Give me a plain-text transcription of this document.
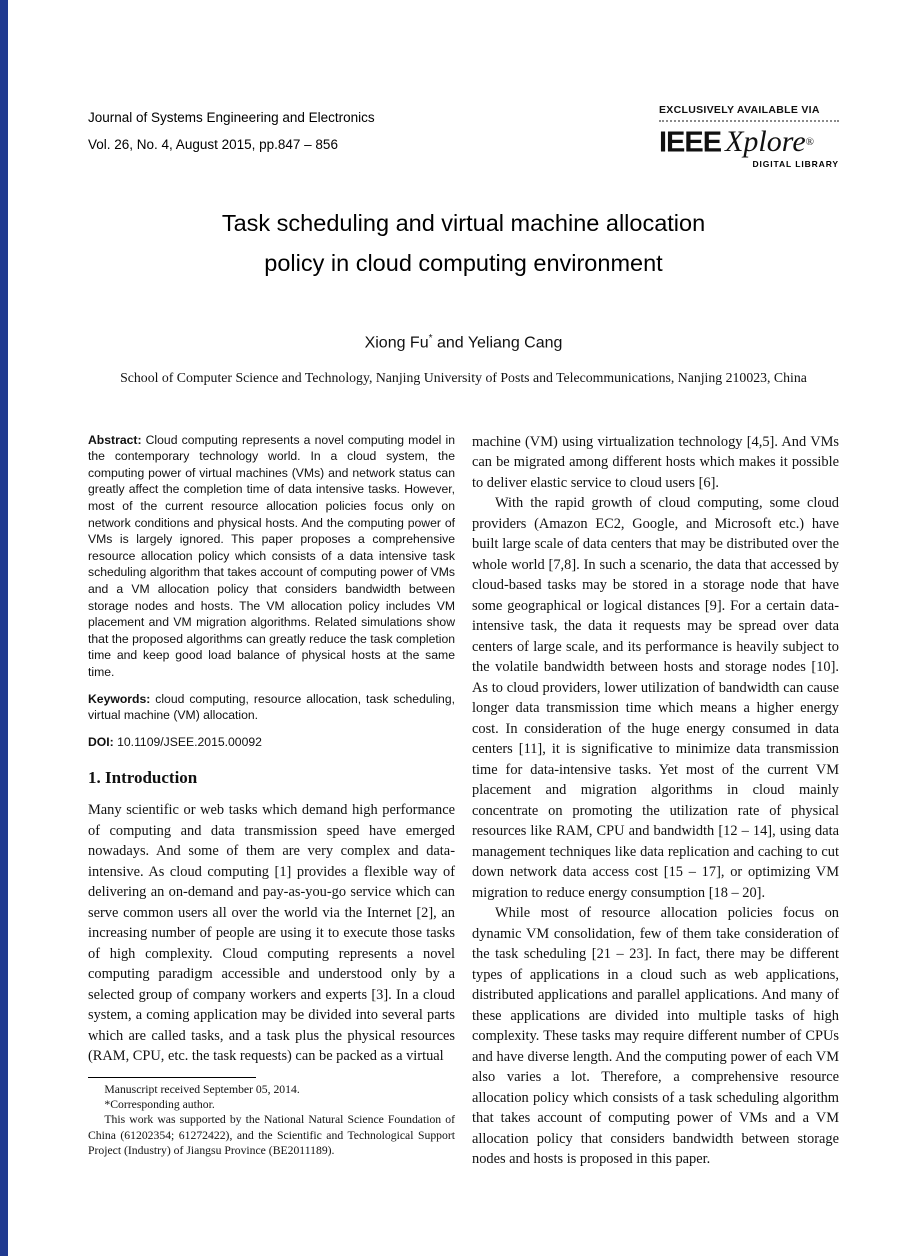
Journal of Systems Engineering and Electronics
Vol. 26, No. 4, August 2015, pp.847 – 856
EXCLUSIVELY AVAILABLE VIA
IEEE Xplore®
DIGITAL LIBRARY
Task scheduling and virtual machine allocation
policy in cloud computing environment
Xiong Fu* and Yeliang Cang
School of Computer Science and Technology, Nanjing University of Posts and Telecommunications, Nanjing 210023, China

Abstract: Cloud computing represents a novel computing model in the contemporary technology world. In a cloud system, the computing power of virtual machines (VMs) and network status can greatly affect the completion time of data intensive tasks. However, most of the current resource allocation policies focus only on network conditions and physical hosts. And the computing power of VMs is largely ignored. This paper proposes a comprehensive resource allocation policy which consists of a data intensive task scheduling algorithm that takes account of computing power of VMs and a VM allocation policy that considers bandwidth between storage nodes and hosts. The VM allocation policy includes VM placement and VM migration algorithms. Related simulations show that the proposed algorithms can greatly reduce the task completion time and keep good load balance of physical hosts at the same time.

Keywords: cloud computing, resource allocation, task scheduling, virtual machine (VM) allocation.

DOI: 10.1109/JSEE.2015.00092

1. Introduction

Many scientific or web tasks which demand high performance of computing and data transmission speed have emerged nowadays. And some of them are very complex and data-intensive. As cloud computing [1] provides a flexible way of delivering an on-demand and pay-as-you-go service which can serve common users all over the world via the Internet [2], an increasing number of people are using it to execute those tasks of high complexity. Cloud computing represents a novel computing paradigm accessible and understood only by a selected group of company workers and experts [3]. In a cloud system, a coming application may be divided into several parts which are called tasks, and a task plus the physical resources (RAM, CPU, etc. the task requests) can be packed as a virtual

Manuscript received September 05, 2014.

*Corresponding author.

This work was supported by the National Natural Science Foundation of China (61202354; 61272422), and the Scientific and Technological Support Project (Industry) of Jiangsu Province (BE2011189).

machine (VM) using virtualization technology [4,5]. And VMs can be migrated among different hosts which makes it possible to deliver elastic service to cloud users [6].

With the rapid growth of cloud computing, some cloud providers (Amazon EC2, Google, and Microsoft etc.) have built large scale of data centers that may be distributed over the whole world [7,8]. In such a scenario, the data that accessed by cloud-based tasks may be stored in a storage node that have some geographical or logical distances [9]. For a certain data-intensive task, the data it requests may be spread over data centers of large scale, and its performance is heavily subject to the volatile bandwidth between hosts and storage nodes [10]. As to cloud providers, lower utilization of bandwidth can cause longer data transmission time which means a higher energy cost. In consideration of the huge energy consumed in data centers [11], it is significative to minimize data transmission time for data-intensive tasks. Yet most of the current VM placement and migration algorithms in cloud mainly concentrate on promoting the utilization rate of physical resources like RAM, CPU and bandwidth [12 – 14], using data management techniques like data replication and caching to cut down network data access cost [15 – 17], or optimizing VM migration to reduce energy consumption [18 – 20].

While most of resource allocation policies focus on dynamic VM consolidation, few of them take consideration of the task scheduling [21 – 23]. In fact, there may be different types of applications in a cloud such as web applications, distributed applications and parallel applications. And many of these applications are divided into multiple tasks of high complexity. These tasks may require different number of CPUs and have diverse length. And the computing power of each VM also varies a lot. Therefore, a comprehensive resource allocation policy which consists of a task scheduling algorithm that takes account of computing power of VMs and a VM allocation policy that considers bandwidth between storage nodes and hosts is proposed in this paper.
